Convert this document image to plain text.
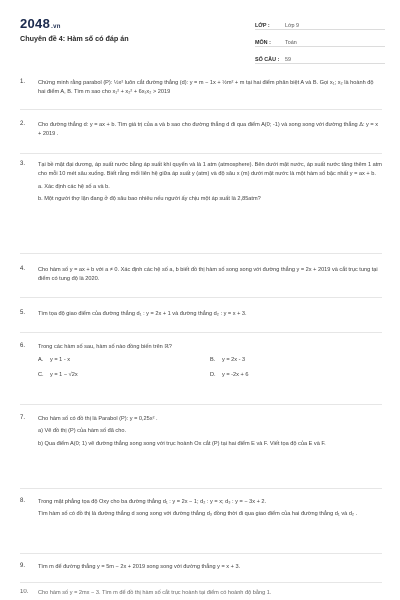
2048.vn
Chuyên đề 4: Hàm số có đáp án
LỚP :	Lớp 9
MÔN :	Toán
SỐ CÂU :	59
1. Chứng minh rằng parabol (P): ½x² luôn cắt đường thẳng (d): y = m − 1x + ½m² + m tại hai điểm phân biệt A và B. Gọi x₁; x₂ là hoành độ hai điểm A, B. Tìm m sao cho x₁² + x₂² + 6x₁x₂ > 2019
2. Cho đường thẳng d: y = ax + b. Tìm giá trị của a và b sao cho đường thẳng d đi qua điểm A(0; -1) và song song với đường thẳng Δ: y = x + 2019 .
3. Tại bề mặt đại dương, áp suất nước bằng áp suất khí quyển và là 1 atm (atmosphere). Bên dưới mặt nước, áp suất nước tăng thêm 1 atm cho mỗi 10 mét sâu xuống. Biết rằng mối liên hệ giữa áp suất y (atm) và độ sâu x (m) dưới mặt nước là một hàm số bậc nhất y = ax + b.
a. Xác định các hệ số a và b.
b. Một người thợ lặn đang ở độ sâu bao nhiêu nếu người ấy chịu một áp suất là 2,85atm?
4. Cho hàm số y = ax + b với a ≠ 0. Xác định các hệ số a, b biết đồ thị hàm số song song với đường thẳng y = 2x + 2019 và cắt trục tung tại điểm có tung độ là 2020.
5. Tìm tọa độ giao điểm của đường thẳng d₁ : y = 2x + 1 và đường thẳng d₂ : y = x + 3.
6. Trong các hàm số sau, hàm số nào đồng biến trên ℝ?
A. y = 1 - x	B. y = 2x - 3
C. y = 1 − √2x	D. y = -2x + 6
7. Cho hàm số có đồ thị là Parabol (P): y = 0,25x² .
a) Vẽ đồ thị (P) của hàm số đã cho.
b) Qua điểm A(0; 1) vẽ đường thẳng song song với trục hoành Ox cắt (P) tại hai điểm E và F. Viết tọa độ của E và F.
8. Trong mặt phẳng tọa độ Oxy cho ba đường thẳng d₁ : y = 2x − 1; d₂ : y = x; d₃ : y = − 3x + 2.
Tìm hàm số có đồ thị là đường thẳng d song song với đường thẳng d₃ đồng thời đi qua giao điểm của hai đường thẳng d₁ và d₂ .
9. Tìm m để đường thẳng y = 5m − 2x + 2019 song song với đường thẳng y = x + 3.
10. Cho hàm số y = 2mx − 3. Tìm m để đồ thị hàm số cắt trục hoành tại điểm có hoành độ bằng 1.
